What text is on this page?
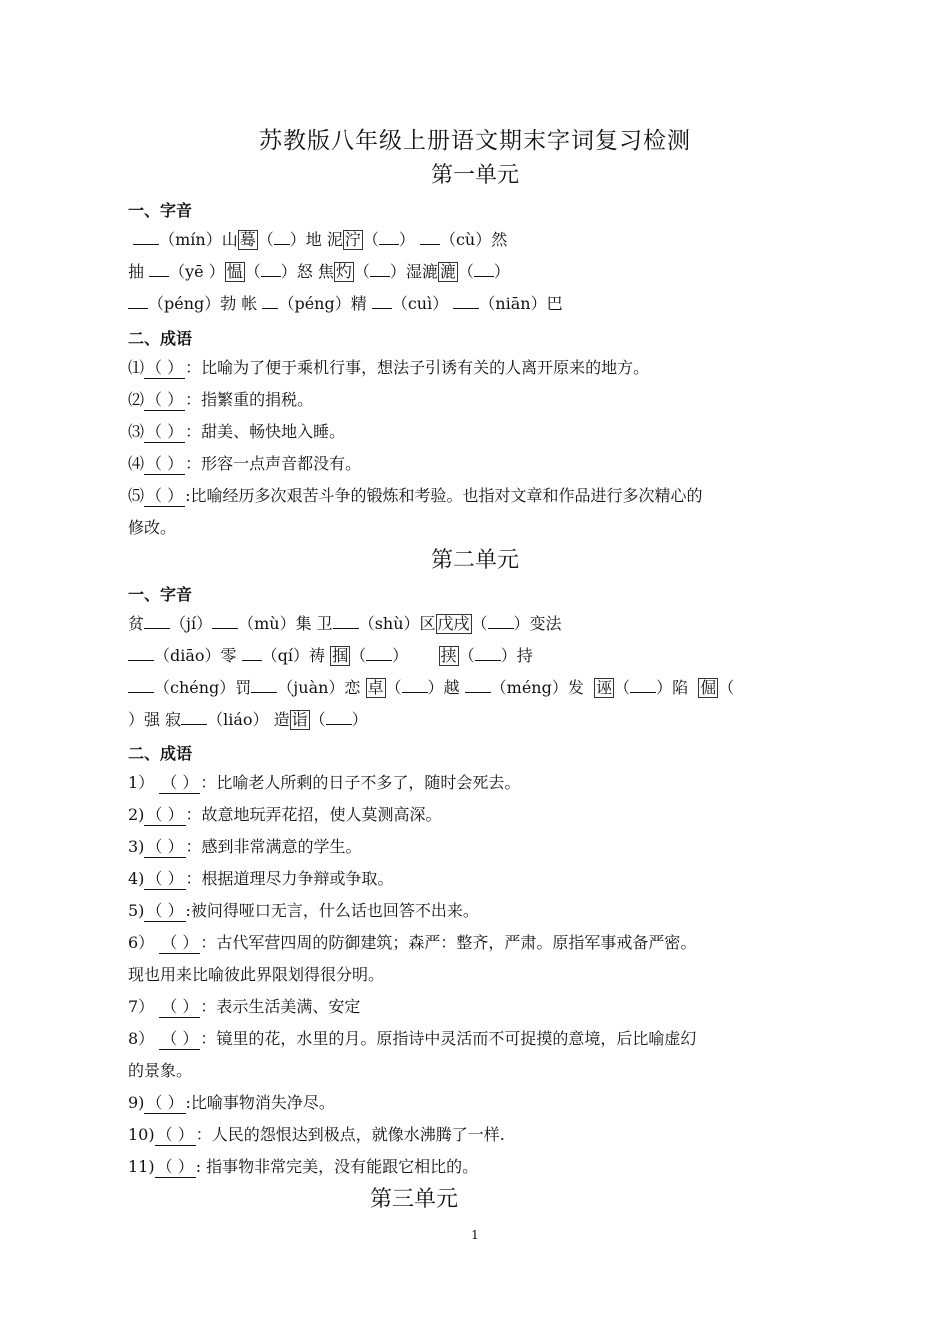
苏教版八年级上册语文期末字词复习检测
第一单元
一、字音
（mín）山 蓦 （ ）地 泥 泞 （ ） （cù）然
抽 （yē ） 愠 （ ）怒 焦 灼 （ ）湿漉 漉 （ ）
（péng）勃 帐 （péng）精 （cuì） （niān）巴
二、成语
⑴ （ ） ：比喻为了便于乘机行事，想法子引诱有关的人离开原来的地方。
⑵ （ ） ：指繁重的捐税。
⑶ （ ） ：甜美、畅快地入睡。
⑷ （ ） ：形容一点声音都没有。
⑸ （ ） :比喻经历多次艰苦斗争的锻炼和考验。也指对文章和作品进行多次精心的
修改。
第二单元
一、字音
贫 （jí） （mù）集 卫 （shù）区 戊戌 （ ）变法
（diāo）零 （qí）祷 掴 （ ） 挟 （ ）持
（chéng）罚 （juàn）恋 卓 （ ）越 （méng）发 诬 （ ）陷 倔 （
）强 寂 （liáo） 造 诣 （ ）
二、成语
1） （ ） ：比喻老人所剩的日子不多了，随时会死去。
2) （ ） ：故意地玩弄花招，使人莫测高深。
3) （ ） ：感到非常满意的学生。
4) （ ） ：根据道理尽力争辩或争取。
5) （ ） :被问得哑口无言，什么话也回答不出来。
6） （ ） ：古代军营四周的防御建筑；森严：整齐，严肃。原指军事戒备严密。
现也用来比喻彼此界限划得很分明。
7） （ ） ：表示生活美满、安定
8） （ ） ：镜里的花，水里的月。原指诗中灵活而不可捉摸的意境，后比喻虚幻
的景象。
9) （ ） :比喻事物消失净尽。
10) （ ） ：人民的怨恨达到极点，就像水沸腾了一样.
11) （ ） : 指事物非常完美，没有能跟它相比的。
第三单元
1
